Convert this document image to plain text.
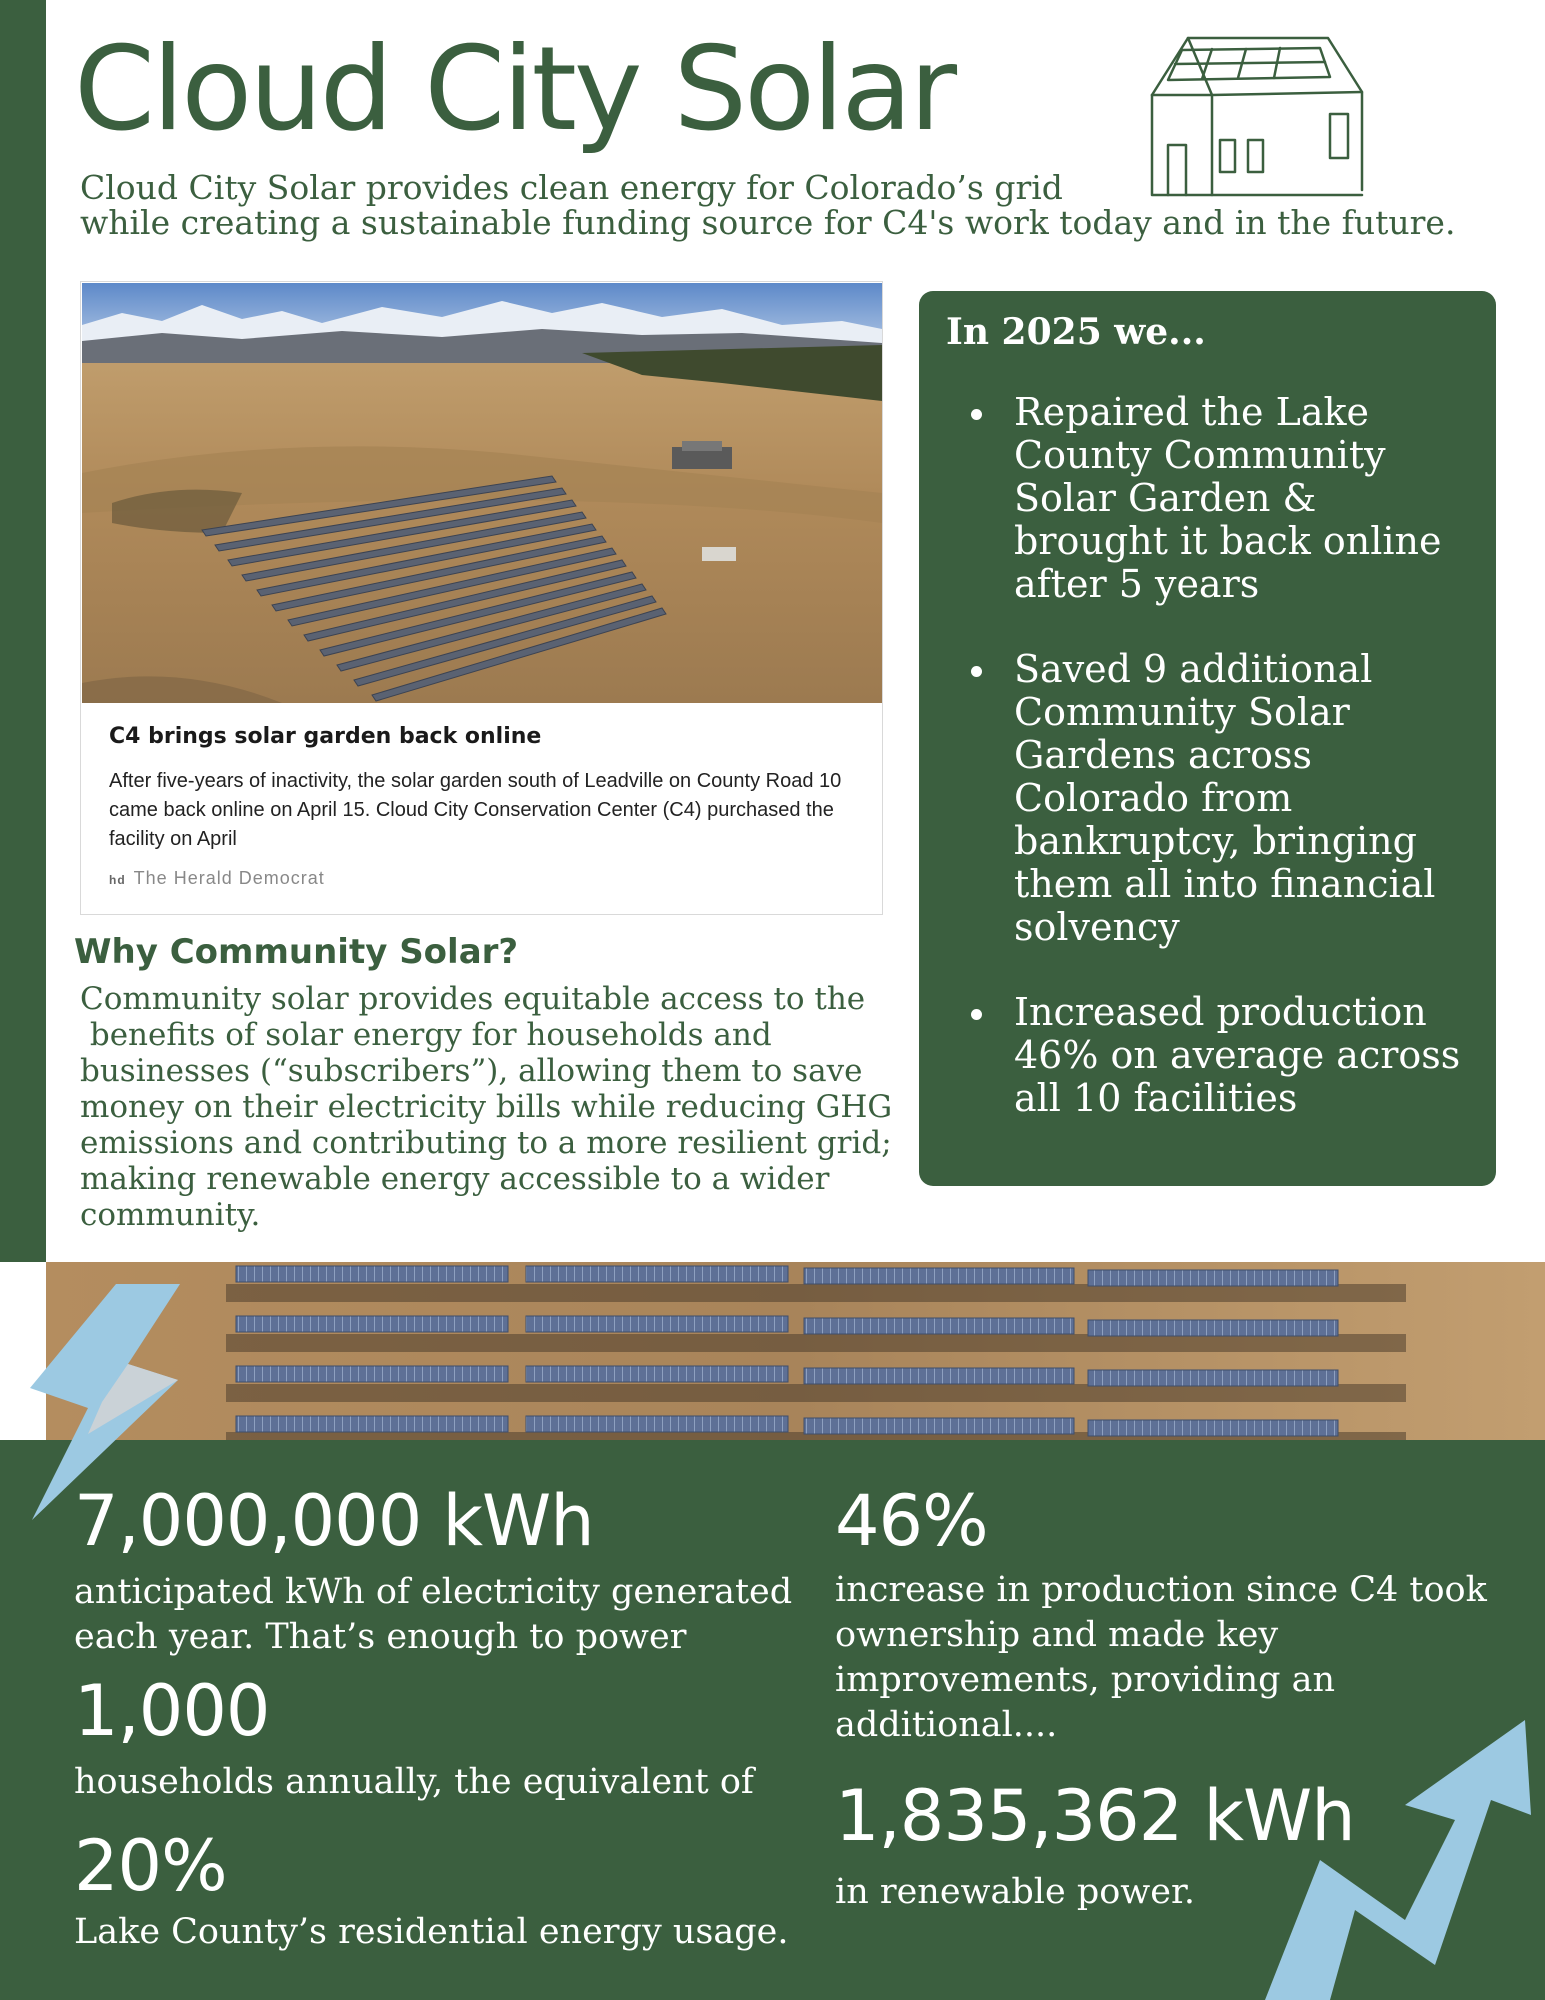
Cloud City Solar
Cloud City Solar provides clean energy for Colorado’s grid
while creating a sustainable funding source for C4's work today and in the future.
C4 brings solar garden back online
After five-years of inactivity, the solar garden south of Leadville on County Road 10 came back online on April 15. Cloud City Conservation Center (C4) purchased the facility on April
hd The Herald Democrat
Why Community Solar?
Community solar provides equitable access to the
benefits of solar energy for households and
businesses (“subscribers”), allowing them to save
money on their electricity bills while reducing GHG
emissions and contributing to a more resilient grid;
making renewable energy accessible to a wider
community.
In 2025 we...
Repaired the Lake County Community Solar Garden & brought it back online after 5 years
Saved 9 additional Community Solar Gardens across Colorado from bankruptcy, bringing them all into financial solvency
Increased production 46% on average across all 10 facilities
7,000,000 kWh
anticipated kWh of electricity generated each year. That’s enough to power
1,000
households annually, the equivalent of
20%
Lake County’s residential energy usage.
46%
increase in production since C4 took ownership and made key improvements, providing an additional....
1,835,362 kWh
in renewable power.
